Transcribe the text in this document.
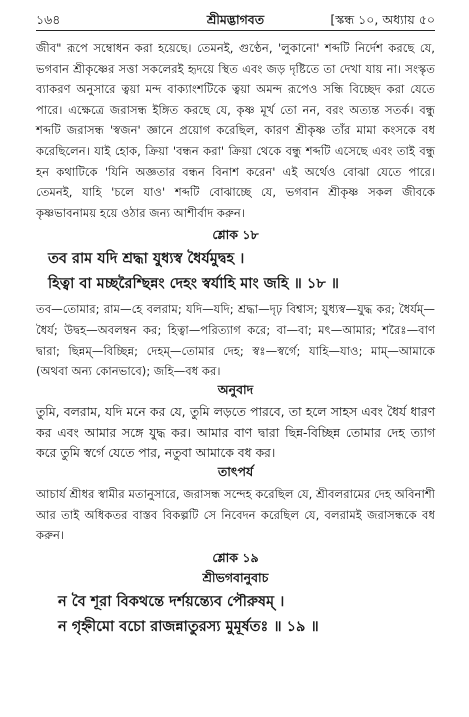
১৬৪	শ্রীমদ্ভাগবত	[স্কন্ধ ১০, অধ্যায় ৫০

জীব" রূপে সম্বোধন করা হয়েছে। তেমনই, গুণ্ঠেন, 'লুকানো' শব্দটি নির্দেশ করছে যে, ভগবান শ্রীকৃষ্ণের সত্তা সকলেরই হৃদয়ে স্থিত এবং জড় দৃষ্টিতে তা দেখা যায় না। সংস্কৃত ব্যাকরণ অনুসারে ত্বয়া মন্দ বাক্যাংশটিকে ত্বয়া অমন্দ রূপেও সন্ধি বিচ্ছেদ করা যেতে পারে। এক্ষেত্রে জরাসন্ধ ইঙ্গিত করছে যে, কৃষ্ণ মূর্খ তো নন, বরং অত্যন্ত সতর্ক। বন্ধু শব্দটি জরাসন্ধ 'স্বজন' জ্ঞানে প্রয়োগ করেছিল, কারণ শ্রীকৃষ্ণ তাঁর মামা কংসকে বধ করেছিলেন। যাই হোক, ক্রিয়া 'বন্ধন করা' ক্রিয়া থেকে বন্ধু শব্দটি এসেছে এবং তাই বন্ধু হন কথাটিকে 'যিনি অজ্ঞতার বন্ধন বিনাশ করেন' এই অর্থেও বোঝা যেতে পারে। তেমনই, যাহি 'চলে যাও' শব্দটি বোঝাচ্ছে যে, ভগবান শ্রীকৃষ্ণ সকল জীবকে কৃষ্ণভাবনাময় হয়ে ওঠার জন্য আশীর্বাদ করুন।

শ্লোক ১৮

তব রাম যদি শ্রদ্ধা যুধ্যস্ব ধৈর্যমুদ্বহ ।

হিত্বা বা মচ্ছরৈশ্ছিন্নং দেহং স্বর্যাহি মাং জহি ॥ ১৮ ॥

তব—তোমার; রাম—হে বলরাম; যদি—যদি; শ্রদ্ধা—দৃঢ় বিশ্বাস; যুধ্যস্ব—যুদ্ধ কর; ধৈর্যম্—ধৈর্য; উদ্বহ—অবলম্বন কর; হিত্বা—পরিত্যাগ করে; বা—বা; মৎ—আমার; শরৈঃ—বাণ দ্বারা; ছিন্নম্—বিচ্ছিন্ন; দেহম্—তোমার দেহ; স্বঃ—স্বর্গে; যাহি—যাও; মাম্—আমাকে (অথবা অন্য কোনভাবে); জহি—বধ কর।

অনুবাদ

তুমি, বলরাম, যদি মনে কর যে, তুমি লড়তে পারবে, তা হলে সাহস এবং ধৈর্য ধারণ কর এবং আমার সঙ্গে যুদ্ধ কর। আমার বাণ দ্বারা ছিন্ন-বিচ্ছিন্ন তোমার দেহ ত্যাগ করে তুমি স্বর্গে যেতে পার, নতুবা আমাকে বধ কর।

তাৎপর্য

আচার্য শ্রীধর স্বামীর মতানুসারে, জরাসন্ধ সন্দেহ করেছিল যে, শ্রীবলরামের দেহ অবিনাশী আর তাই অধিকতর বাস্তব বিকল্পটি সে নিবেদন করেছিল যে, বলরামই জরাসন্ধকে বধ করুন।

শ্লোক ১৯

শ্রীভগবানুবাচ

ন বৈ শূরা বিকথন্তে দর্শয়ন্ত্যেব পৌরুষম্ ।

ন গৃহ্নীমো বচো রাজন্নাতুরস্য মুমূর্ষতঃ ॥ ১৯ ॥
